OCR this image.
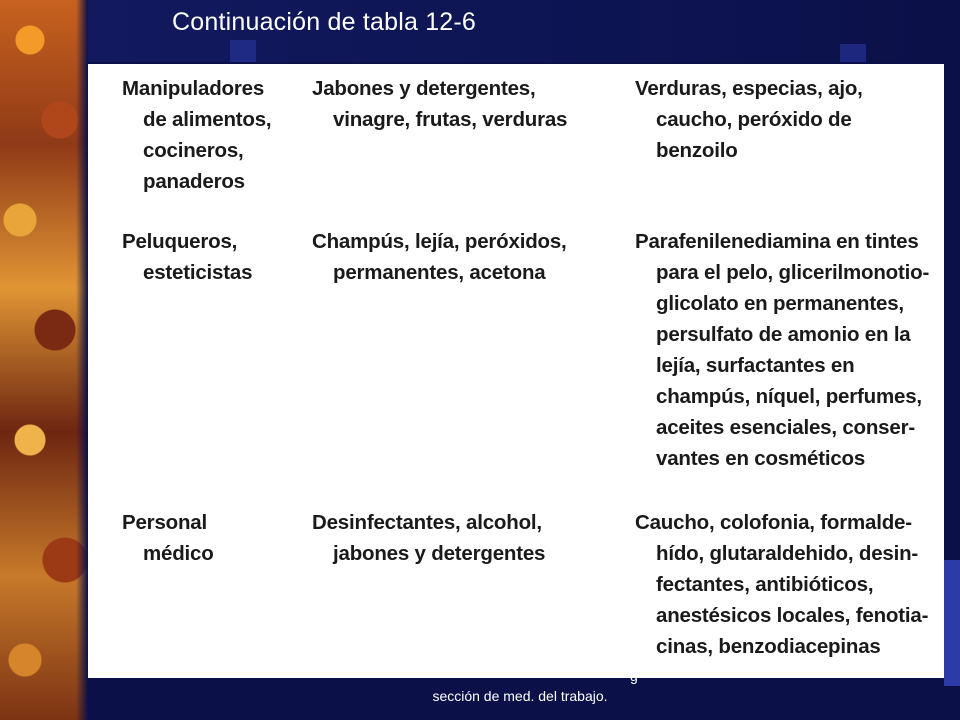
Continuación de tabla 12-6
Manipuladores
de alimentos,
cocineros,
panaderos
Jabones y detergentes,
vinagre, frutas, verduras
Verduras, especias, ajo,
caucho, peróxido de
benzoilo
Peluqueros,
esteticistas
Champús, lejía, peróxidos,
permanentes, acetona
Parafenilenediamina en tintes
para el pelo, glicerilmonotio-
glicolato en permanentes,
persulfato de amonio en la
lejía, surfactantes en
champús, níquel, perfumes,
aceites esenciales, conser-
vantes en cosméticos
Personal
médico
Desinfectantes, alcohol,
jabones y detergentes
Caucho, colofonia, formalde-
hído, glutaraldehido, desin-
fectantes, antibióticos,
anestésicos locales, fenotia-
cinas, benzodiacepinas
g
sección de med. del trabajo.
